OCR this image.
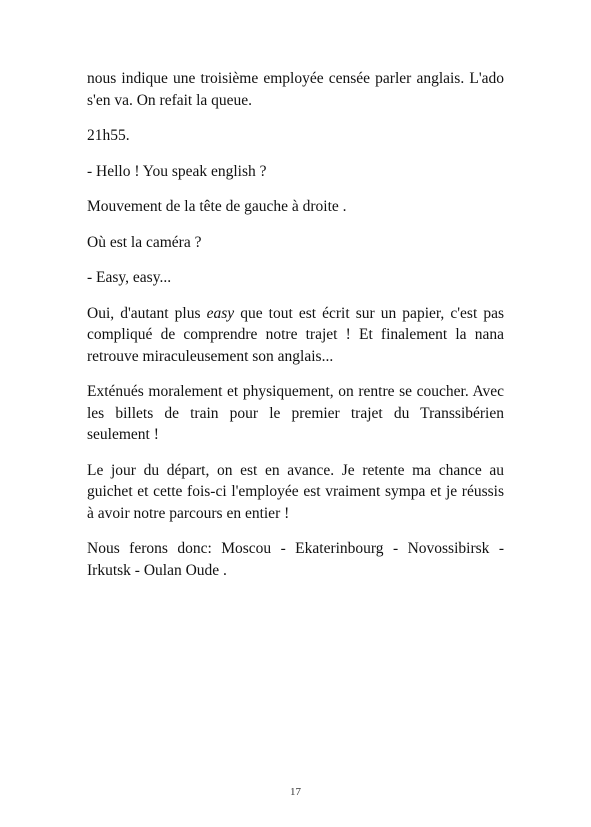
nous indique une troisième employée censée parler anglais. L'ado s'en va. On refait la queue.

21h55.

- Hello ! You speak english ?

Mouvement de la tête de gauche à droite .

Où est la caméra ?

- Easy, easy...

Oui, d'autant plus easy que tout est écrit sur un papier, c'est pas compliqué de comprendre notre trajet ! Et finalement la nana retrouve miraculeusement son anglais...

Exténués moralement et physiquement, on rentre se coucher. Avec les billets de train pour le premier trajet du Transsibérien seulement !

Le jour du départ, on est en avance. Je retente ma chance au guichet et cette fois-ci l'employée est vraiment sympa et je réussis à avoir notre parcours en entier !

Nous ferons donc: Moscou - Ekaterinbourg - Novossibirsk - Irkutsk - Oulan Oude .

17
